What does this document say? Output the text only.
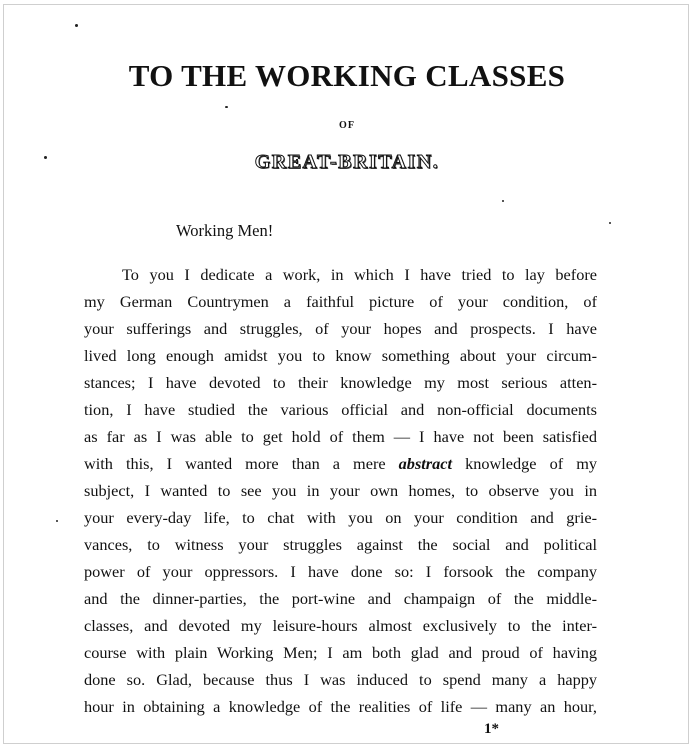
TO THE WORKING CLASSES
OF
GREAT-BRITAIN.
Working Men!
To you I dedicate a work, in which I have tried to lay before
my German Countrymen a faithful picture of your condition, of
your sufferings and struggles, of your hopes and prospects. I have
lived long enough amidst you to know something about your circum-
stances; I have devoted to their knowledge my most serious atten-
tion, I have studied the various official and non-official documents
as far as I was able to get hold of them — I have not been satisfied
with this, I wanted more than a mere abstract knowledge of my
subject, I wanted to see you in your own homes, to observe you in
your every-day life, to chat with you on your condition and grie-
vances, to witness your struggles against the social and political
power of your oppressors. I have done so: I forsook the company
and the dinner-parties, the port-wine and champaign of the middle-
classes, and devoted my leisure-hours almost exclusively to the inter-
course with plain Working Men; I am both glad and proud of having
done so. Glad, because thus I was induced to spend many a happy
hour in obtaining a knowledge of the realities of life — many an hour,
1*
